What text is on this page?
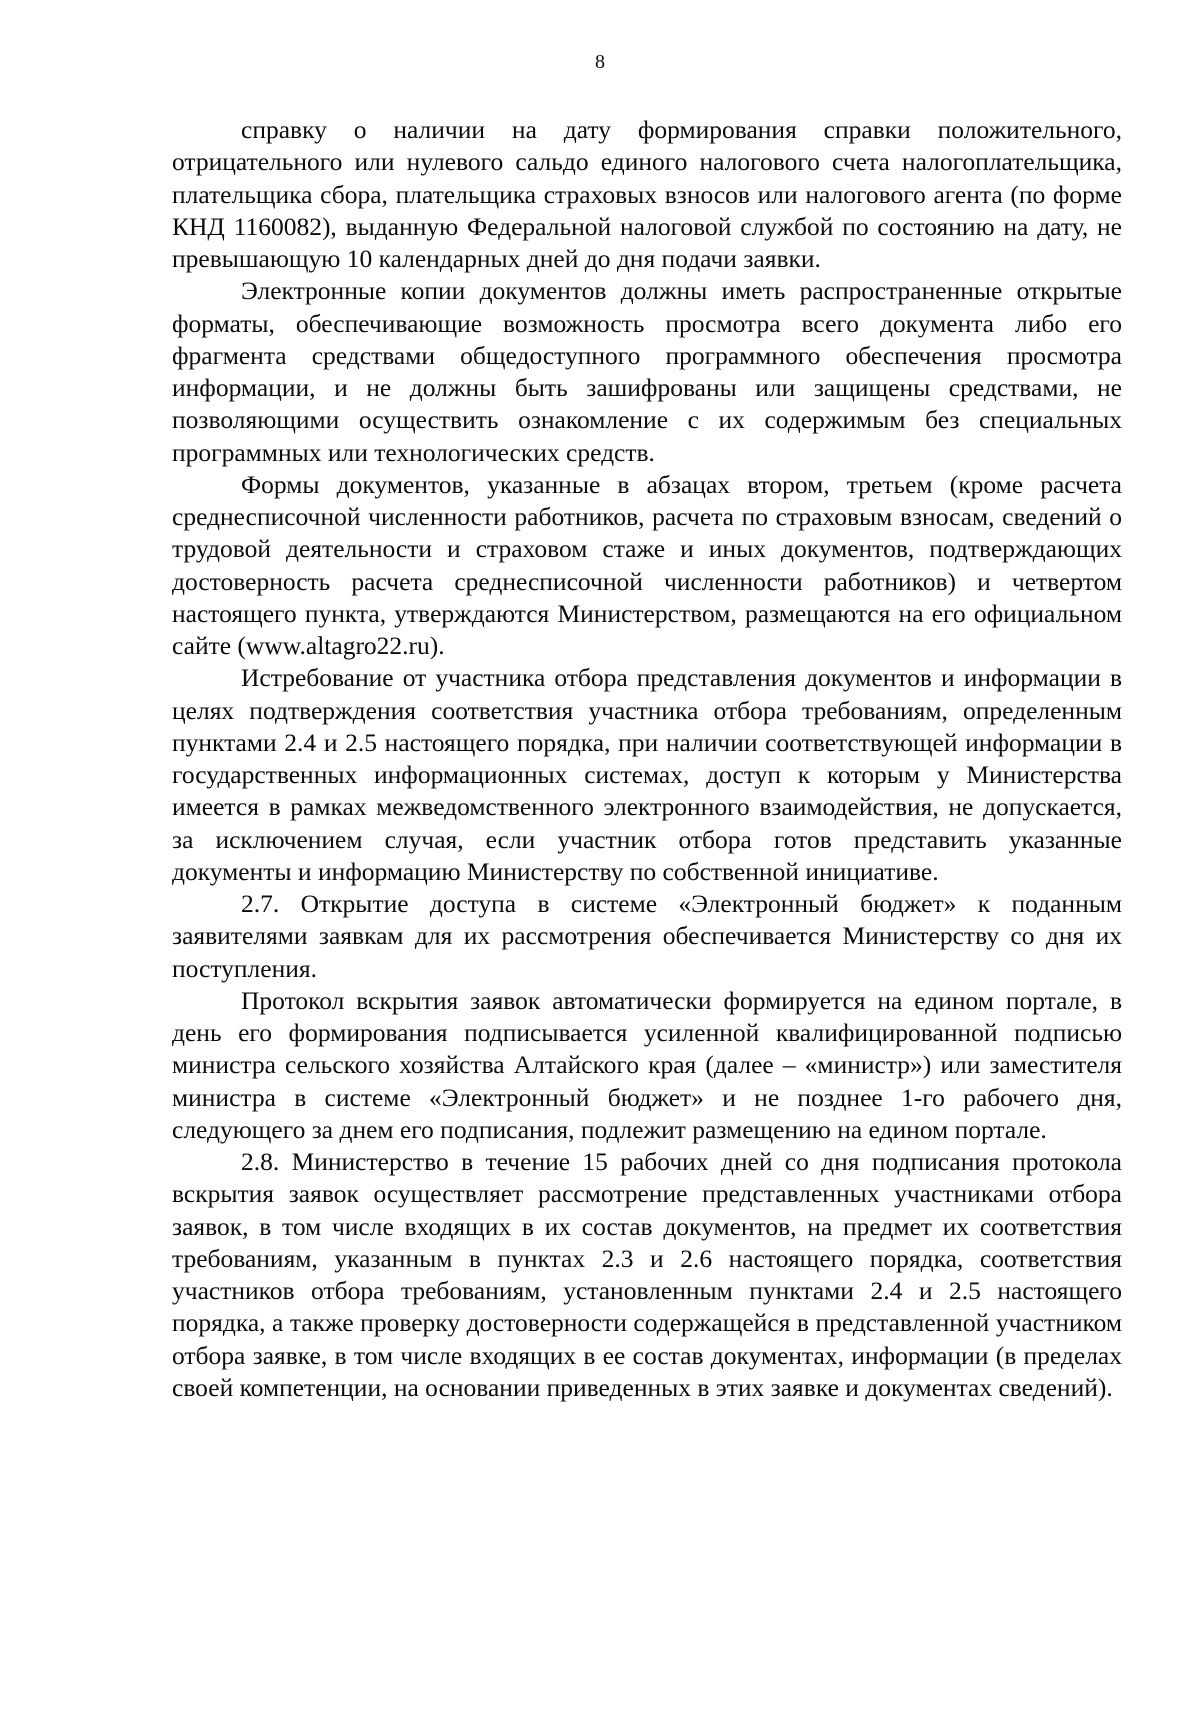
8

справку о наличии на дату формирования справки положительного, отрицательного или нулевого сальдо единого налогового счета налогоплательщика, плательщика сбора, плательщика страховых взносов или налогового агента (по форме КНД 1160082), выданную Федеральной налоговой службой по состоянию на дату, не превышающую 10 календарных дней до дня подачи заявки.

Электронные копии документов должны иметь распространенные открытые форматы, обеспечивающие возможность просмотра всего документа либо его фрагмента средствами общедоступного программного обеспечения просмотра информации, и не должны быть зашифрованы или защищены средствами, не позволяющими осуществить ознакомление с их содержимым без специальных программных или технологических средств.

Формы документов, указанные в абзацах втором, третьем (кроме расчета среднесписочной численности работников, расчета по страховым взносам, сведений о трудовой деятельности и страховом стаже и иных документов, подтверждающих достоверность расчета среднесписочной численности работников) и четвертом настоящего пункта, утверждаются Министерством, размещаются на его официальном сайте (www.altagro22.ru).

Истребование от участника отбора представления документов и информации в целях подтверждения соответствия участника отбора требованиям, определенным пунктами 2.4 и 2.5 настоящего порядка, при наличии соответствующей информации в государственных информационных системах, доступ к которым у Министерства имеется в рамках межведомственного электронного взаимодействия, не допускается, за исключением случая, если участник отбора готов представить указанные документы и информацию Министерству по собственной инициативе.

2.7. Открытие доступа в системе «Электронный бюджет» к поданным заявителями заявкам для их рассмотрения обеспечивается Министерству со дня их поступления.

Протокол вскрытия заявок автоматически формируется на едином портале, в день его формирования подписывается усиленной квалифицированной подписью министра сельского хозяйства Алтайского края (далее – «министр») или заместителя министра в системе «Электронный бюджет» и не позднее 1-го рабочего дня, следующего за днем его подписания, подлежит размещению на едином портале.

2.8. Министерство в течение 15 рабочих дней со дня подписания протокола вскрытия заявок осуществляет рассмотрение представленных участниками отбора заявок, в том числе входящих в их состав документов, на предмет их соответствия требованиям, указанным в пунктах 2.3 и 2.6 настоящего порядка, соответствия участников отбора требованиям, установленным пунктами 2.4 и 2.5 настоящего порядка, а также проверку достоверности содержащейся в представленной участником отбора заявке, в том числе входящих в ее состав документах, информации (в пределах своей компетенции, на основании приведенных в этих заявке и документах сведений).
